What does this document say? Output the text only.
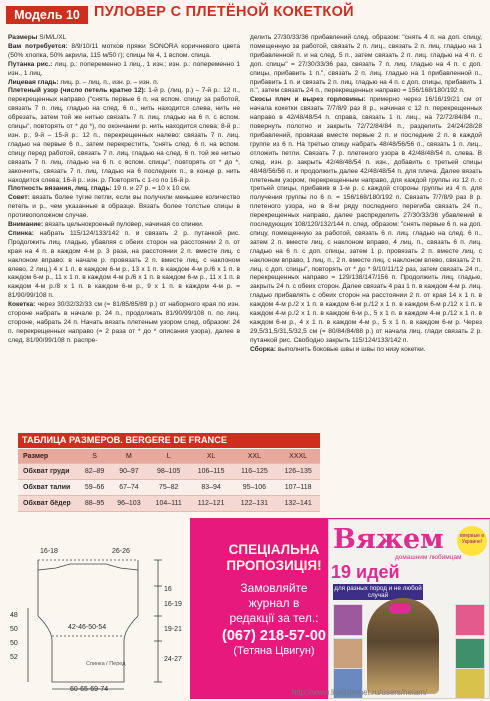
Модель 10 ПУЛОВЕР С ПЛЕТЁНОЙ КОКЕТКОЙ

Размеры S/M/L/XL

Вам потребуется: 8/9/10/11 мотков пряжи SONORA коричневого цвета (50% хлопка, 50% акрила, 115 м/50 г); спицы № 4, 1 вспом. спица.

Путанка рис.: лиц. р.: попеременно 1 лиц., 1 изн.; изн. р.: попеременно 1 изн., 1 лиц.

Лицевая гладь: лиц. р. – лиц. п., изн. р. – изн. п.

Плетеный узор (число петель кратно 12): 1-й р. (лиц. р.) – 7-й р.: 12 п., перекрещенных направо ("снять первые 6 п. на вспом. спицу за работой, связать 7 п. лиц. гладью на след. 6 п., нить находится слева, нить не обрезать, затем той же нитью связать 7 п. лиц. гладью на 6 п. с вспом. спицы", повторять от * до *), по окончании р. нить находится слева; 8-й р.: изн. р.; 9-й – 15-й р.: 12 п., перекрещенных налево: связать 7 п. лиц. гладью на первые 6 п., затем перекрестить, "снять след. 6 п. на вспом. спицу перед работой, связать 7 п. лиц. гладью на след. 6 п. той же нитью связать 7 п. лиц. гладью на 6 п. с вспом. спицы", повторять от * до *, закончить, связать 7 п. лиц. гладью на 6 последних п., в конце р. нить находится слева; 16-й р.: изн. р. Повторять с 1-го по 16-й р.

Плотность вязания, лиц. гладь: 19 п. и 27 р. = 10 х 10 см.

Совет: вязать более тугие петли, если вы получили меньшее количество петель и р., чем указанные в образце. Вязать более толстые спицы в противоположном случае.

Внимание: вязать цельнокроеный пуловер, начиная со спинки.

Спинка: набрать 115/124/133/142 п. и связать 2 р. путанкой рис. Продолжить лиц. гладью, убавляя с обеих сторон на расстоянии 2 п. от края на 4 п. в каждом 4-м р. 3 раза, на расстоянии 2 п. вместе лиц. с наклоном вправо: в начале р. провязать 2 п. вместе лиц. с наклоном влево, 2 лиц.) 4 х 1 п. в каждом 6-м р., 13 х 1 п. в каждом 4-м р./6 х 1 п. в каждом 6-м р., 11 х 1 п. в каждом 4-м р./6 х 1 п. в каждом 6-м р., 11 х 1 п. в каждом 4-м р./8 х 1 п. в каждом 6-м р., 9 х 1 п. в каждом 4-м р. = 81/90/99/108 п.

Кокетка: через 30/32/32/33 см (= 81/85/85/89 р.) от наборного края по изн. стороне набрать в начале р. 24 п., продолжать 81/90/99/108 п. по лиц. стороне, набрать 24 п. Начать вязать плетеным узором след. образом: 24 п. перекрещенных направо (= 2 раза от * до * описания узора), далее в след. 81/90/99/108 п. распре-

делить 27/30/33/36 прибавлений след. образом: "снять 4 п. на доп. спицу, помещенную за работой, связать 2 п. лиц., связать 2 п. лиц. гладью на 1 прибавленной п. и на след. 5 п., затем связать 2 п. лиц. гладью на 4 п. с доп. спицы" = 27/30/33/36 раз, связать 7 п. лиц. гладью на 4 п. с доп. спицы, прибавить 1 п.", связать 2 п. лиц. гладью на 1 прибавленной п., прибавить 1 п. и связать 2 п. лиц. гладью на 4 п. с доп. спицы, прибавить 1 п.", затем связать 24 п., перекрещенных направо = 156/168/180/192 п.

Скосы плеч и вырез горловины: примерно через 16/16/19/21 см от начала кокетки связать 7/7/8/9 раз 8 р., начиная с 12 п. перекрещенных направо в 42/48/48/54 п. справа, связать 1 п. лиц., на 72/72/84/84 п., повернуть полотно и закрыть 72/72/84/84 п., разделить 24/24/28/28 прибавлений, провязав вместе первые 2 п. и последние 2 п. в каждой группе из 6 п. На третью спицу набрать 48/48/56/56 п., связать 1 п. лиц., отложить петли. Связать 7 р. плетеного узора в 42/48/48/54 п. слева. В след. изн. р. закрыть 42/48/48/54 п. изн., добавить с третьей спицы 48/48/56/56 п. и продолжить далее 42/48/48/54 п. для плеча. Далее вязать плетеным узором, перекрещенным направо, для каждой группы из 12 п. с третьей спицы, прибавив в 1-м р. с каждой стороны группы из 4 п. для получения группы по 6 п. = 156/168/180/192 п. Связать 7/7/8/9 раз 8 р. плетеного узора, но в 8-м ряду последнего перегиба связать 24 п., перекрещенных направо, далее распределить 27/30/33/36 убавлений в последующих 108/120/132/144 п. след. образом: "снять первые 6 п. на доп. спицу, помещенную за работой, связать 6 п. лиц. гладью на след. 6 п., затем 2 п. вместе лиц. с наклоном вправо, 4 лиц. п., связать 6 п. лиц. гладью на 6 п. с доп. спицы, затем 1 р. провязать 2 п. вместе лиц. с наклоном вправо, 1 лиц. п., 2 п. вместе лиц. с наклоном влево, связать 2 п. лиц. с доп. спицы", повторять от * до * 9/10/11/12 раз, затем связать 24 п., перекрещенных направо = 129/138/147/156 п. Продолжить лиц. гладью, закрыть 24 п. с обеих сторон. Далее связать 4 раз 1 п. в каждом 4-м р. лиц. гладью прибавлять с обеих сторон на расстоянии 2 п. от края 14 х 1 п. в каждом 4-м р./2 х 1 п. в каждом 6-м р./12 х 1 п. в каждом 6-м р./12 х 1 п. в каждом 4-м р./2 х 1 п. в каждом 6-м р., 5 х 1 п. в каждом 4-м р./12 х 1 п. в каждом 6-м р., 4 х 1 п. в каждом 4-м р., 5 х 1 п. в каждом 6-м р. Через 29,5/31,5/31,5/32,5 см (= 80/84/84/88 р.) от начала лиц. глади связать 2 р. путанкой рис. Свободно закрыть 115/124/133/142 п.

Сборка: выполнить боковые швы и швы по низу кокетки.

ТАБЛИЦА РАЗМЕРОВ. BERGERE DE FRANCE
Размер	S	M	L	XL	XXL	XXXL
Обхват груди	82–89	90–97	98–105	106–115	116–125	126–135
Обхват талии	59–66	67–74	75–82	83–94	95–106	107–118
Обхват бёдер	88–95	96–103	104–111	112–121	122–131	132–141
16-18	26-26
16
16-19
19-21
24-27
48
50
50
52
42-46-50-54
Спинка / Перед
60-65-69-74
СПЕЦІАЛЬНА
ПРОПОЗИЦІЯ!
Замовляйте
журнал в
редакції за тел.:
(067) 218-57-00
(Тетяна Цвигун)
Вяжем
домашним любимцам
19 идей
для разных пород и не любой случай
впервые в Украине!
http://www.liveinternet.ru/users/helam/
